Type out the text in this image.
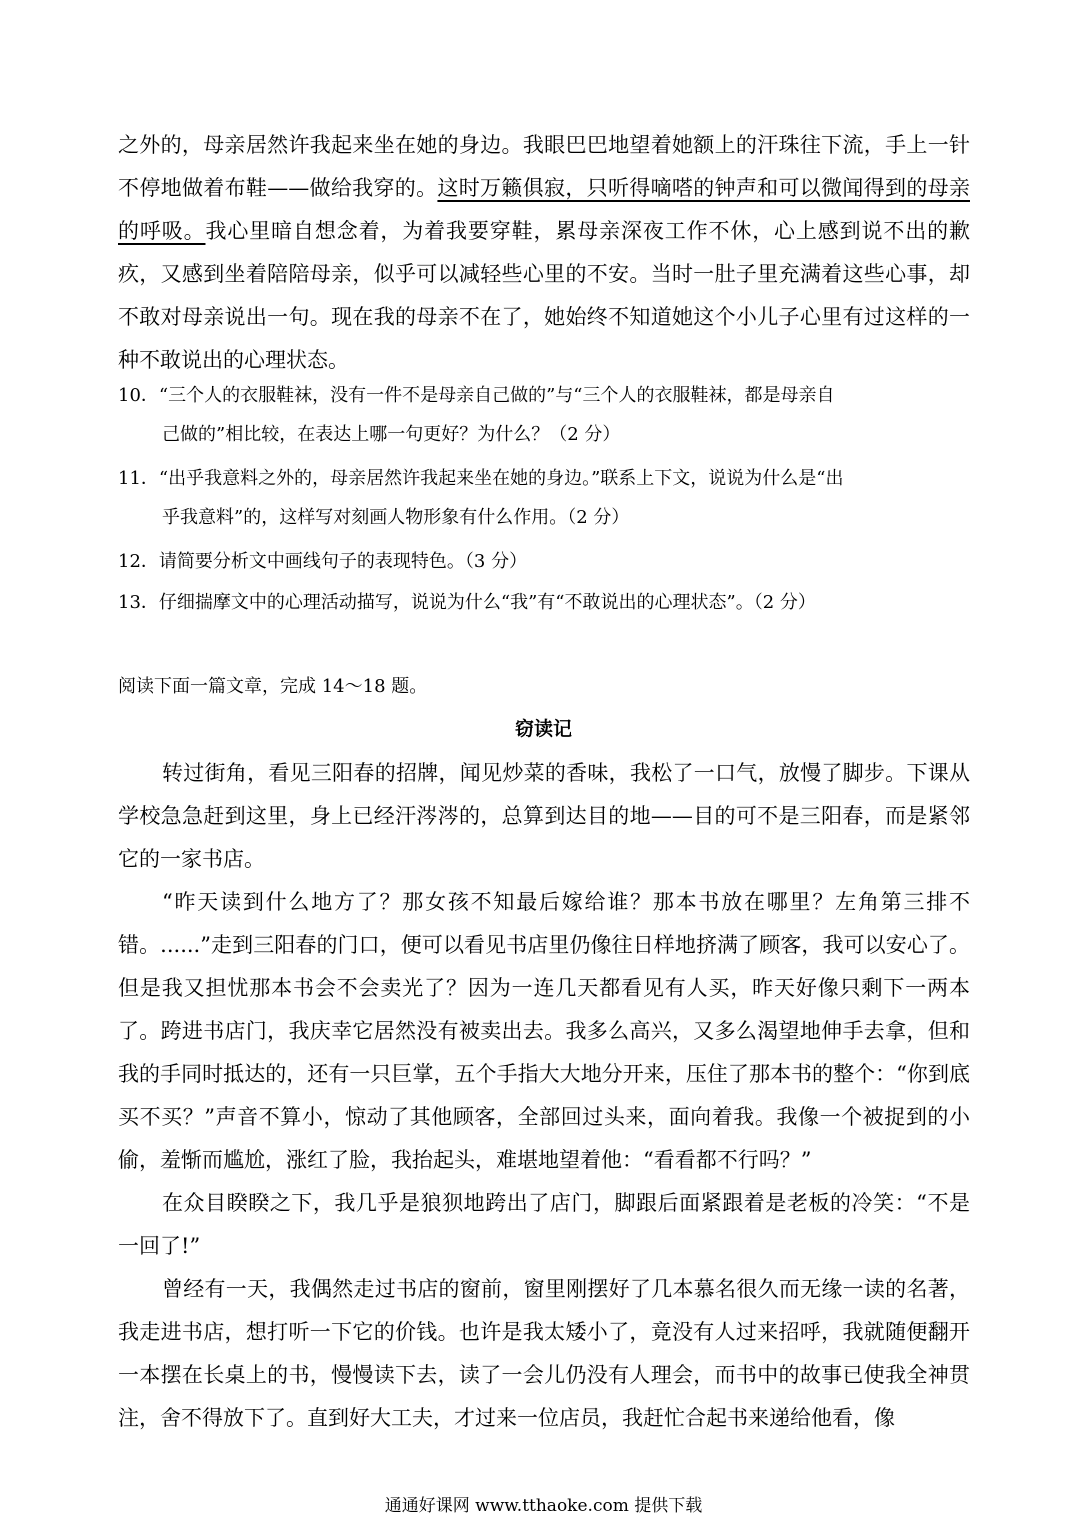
之外的，母亲居然许我起来坐在她的身边。我眼巴巴地望着她额上的汗珠往下流，手上一针不停地做着布鞋——做给我穿的。这时万籁俱寂，只听得嘀嗒的钟声和可以微闻得到的母亲的呼吸。我心里暗自想念着，为着我要穿鞋，累母亲深夜工作不休，心上感到说不出的歉疚，又感到坐着陪陪母亲，似乎可以减轻些心里的不安。当时一肚子里充满着这些心事，却不敢对母亲说出一句。现在我的母亲不在了，她始终不知道她这个小儿子心里有过这样的一种不敢说出的心理状态。

10．“三个人的衣服鞋袜，没有一件不是母亲自己做的”与“三个人的衣服鞋袜，都是母亲自
己做的”相比较，在表达上哪一句更好？为什么？（2 分）

11．“出乎我意料之外的，母亲居然许我起来坐在她的身边。”联系上下文，说说为什么是“出
乎我意料”的，这样写对刻画人物形象有什么作用。（2 分）

12．请简要分析文中画线句子的表现特色。（3 分）

13．仔细揣摩文中的心理活动描写，说说为什么“我”有“不敢说出的心理状态”。（2 分）

阅读下面一篇文章，完成 14～18 题。

窃读记

转过街角，看见三阳春的招牌，闻见炒菜的香味，我松了一口气，放慢了脚步。下课从学校急急赶到这里，身上已经汗涔涔的，总算到达目的地——目的可不是三阳春，而是紧邻它的一家书店。

“昨天读到什么地方了？那女孩不知最后嫁给谁？那本书放在哪里？左角第三排不错。......”走到三阳春的门口，便可以看见书店里仍像往日样地挤满了顾客，我可以安心了。但是我又担忧那本书会不会卖光了？因为一连几天都看见有人买，昨天好像只剩下一两本了。跨进书店门，我庆幸它居然没有被卖出去。我多么高兴，又多么渴望地伸手去拿，但和我的手同时抵达的，还有一只巨掌，五个手指大大地分开来，压住了那本书的整个：“你到底买不买？”声音不算小，惊动了其他顾客，全部回过头来，面向着我。我像一个被捉到的小偷，羞惭而尴尬，涨红了脸，我抬起头，难堪地望着他：“看看都不行吗？”

在众目睽睽之下，我几乎是狼狈地跨出了店门，脚跟后面紧跟着是老板的冷笑：“不是一回了!”

曾经有一天，我偶然走过书店的窗前，窗里刚摆好了几本慕名很久而无缘一读的名著，我走进书店，想打听一下它的价钱。也许是我太矮小了，竟没有人过来招呼，我就随便翻开一本摆在长桌上的书，慢慢读下去，读了一会儿仍没有人理会，而书中的故事已使我全神贯注，舍不得放下了。直到好大工夫，才过来一位店员，我赶忙合起书来递给他看，像

通通好课网 www.tthaoke.com 提供下载
